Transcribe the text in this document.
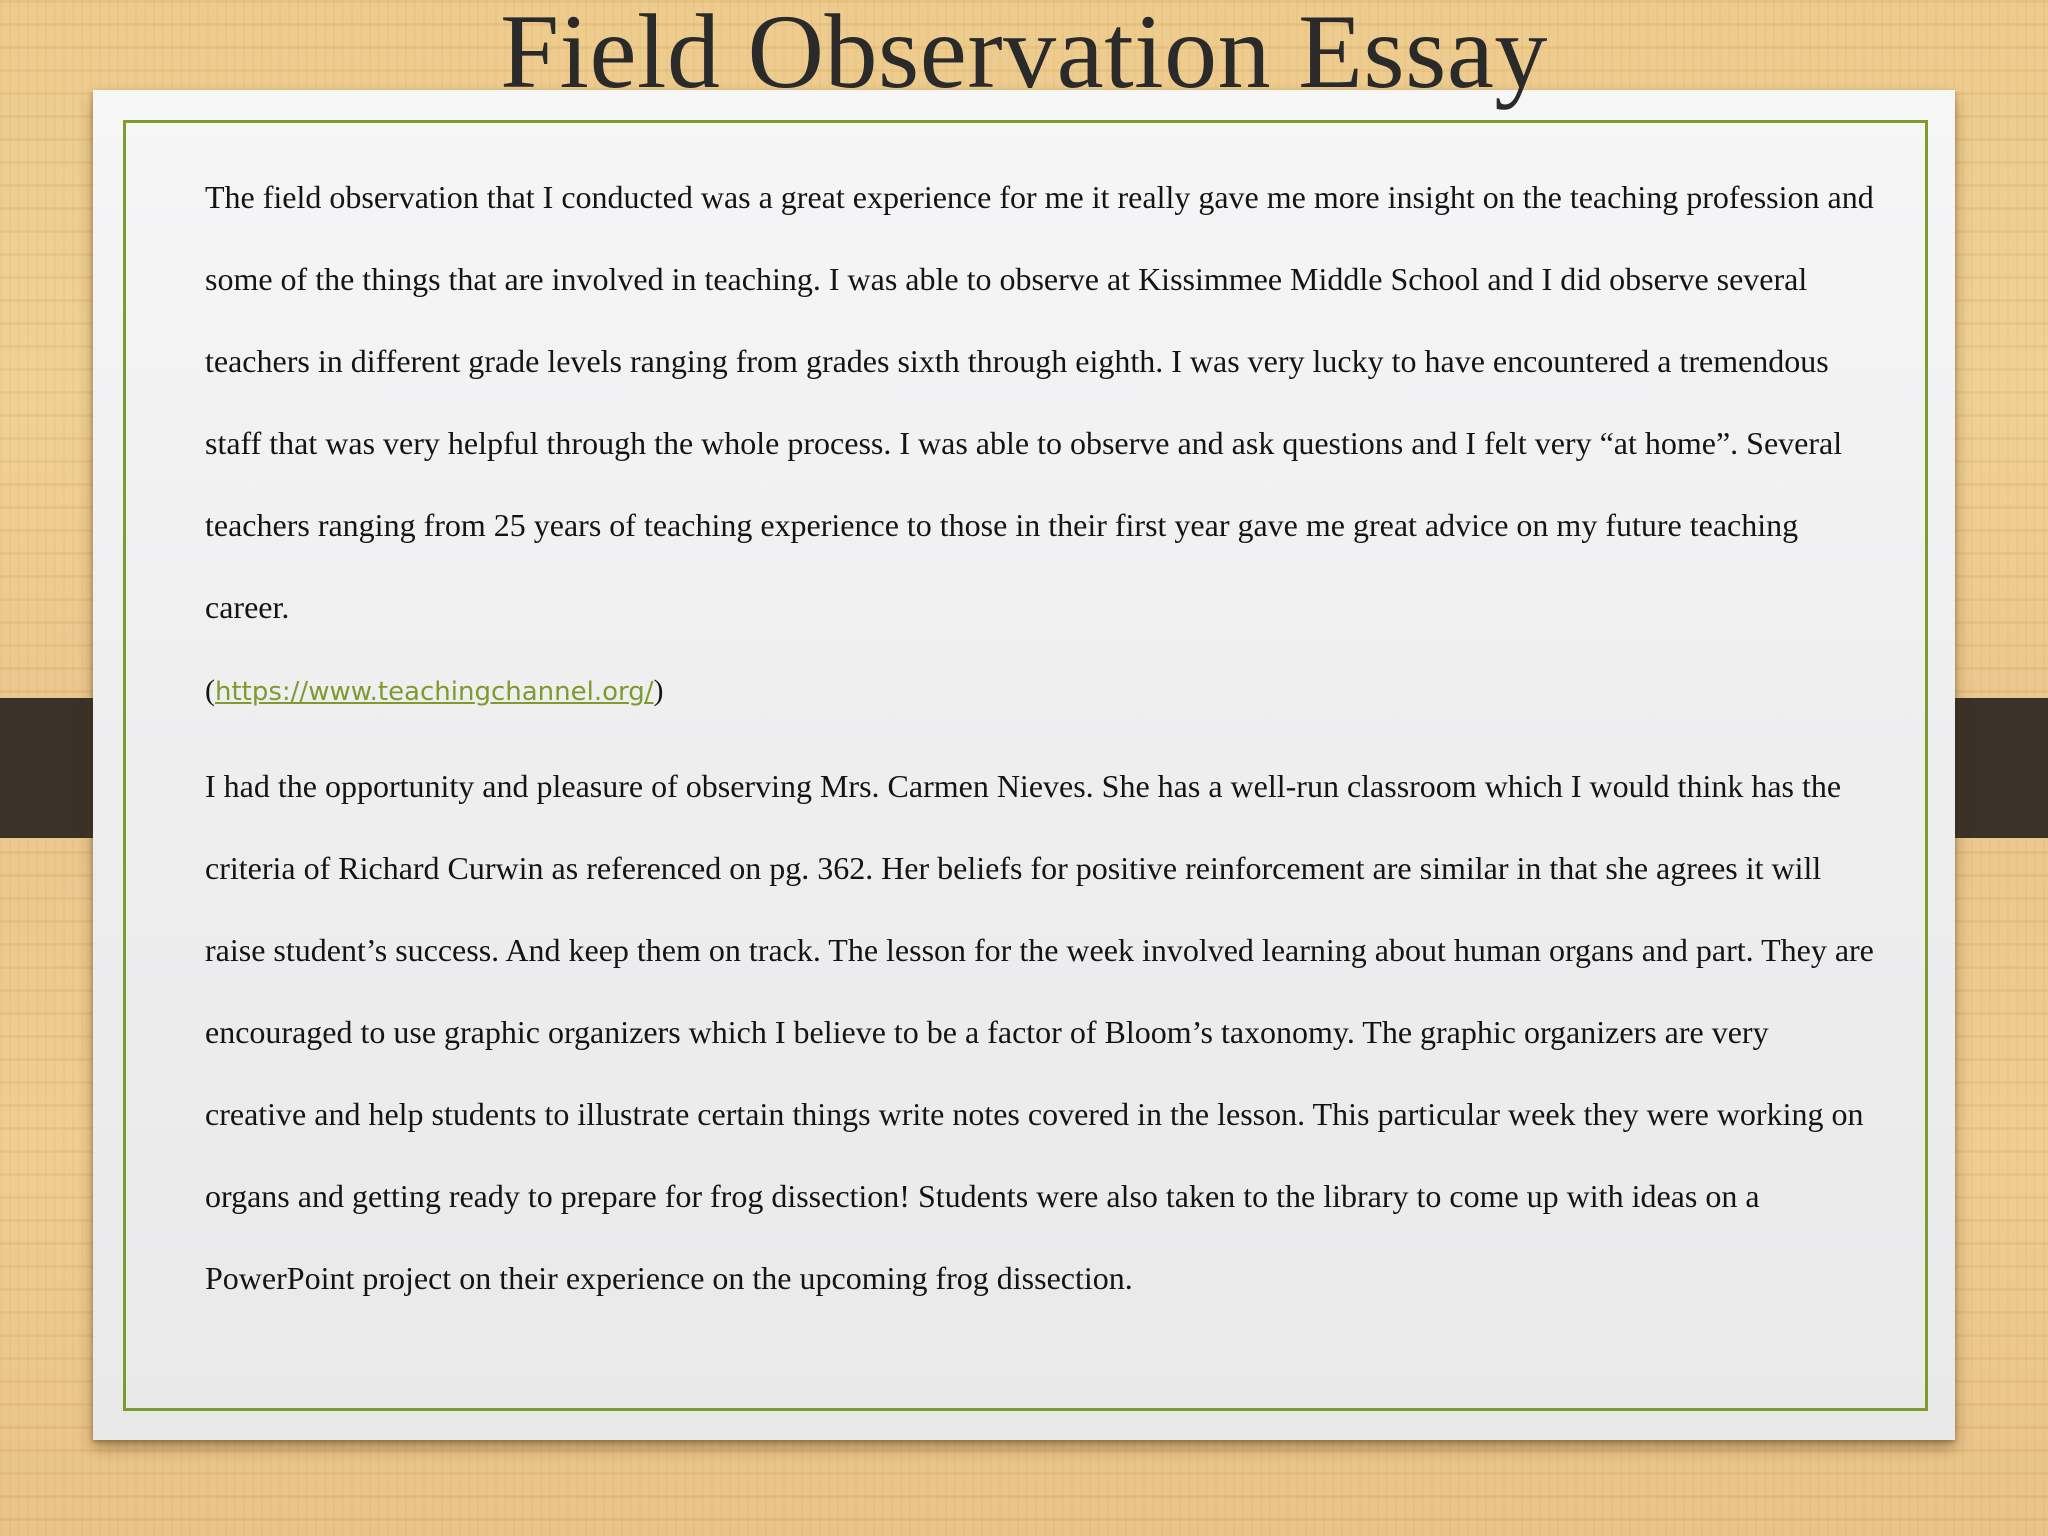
Field Observation Essay

The field observation that I conducted was a great experience for me it really gave me more insight on the teaching profession and some of the things that are involved in teaching. I was able to observe at Kissimmee Middle School and I did observe several teachers in different grade levels ranging from grades sixth through eighth. I was very lucky to have encountered a tremendous staff that was very helpful through the whole process. I was able to observe and ask questions and I felt very “at home”. Several teachers ranging from 25 years of teaching experience to those in their first year gave me great advice on my future teaching career.

(https://www.teachingchannel.org/)

I had the opportunity and pleasure of observing Mrs. Carmen Nieves. She has a well-run classroom which I would think has the criteria of Richard Curwin as referenced on pg. 362. Her beliefs for positive reinforcement are similar in that she agrees it will raise student’s success. And keep them on track. The lesson for the week involved learning about human organs and part. They are encouraged to use graphic organizers which I believe to be a factor of Bloom’s taxonomy. The graphic organizers are very creative and help students to illustrate certain things write notes covered in the lesson. This particular week they were working on organs and getting ready to prepare for frog dissection! Students were also taken to the library to come up with ideas on a PowerPoint project on their experience on the upcoming frog dissection.
